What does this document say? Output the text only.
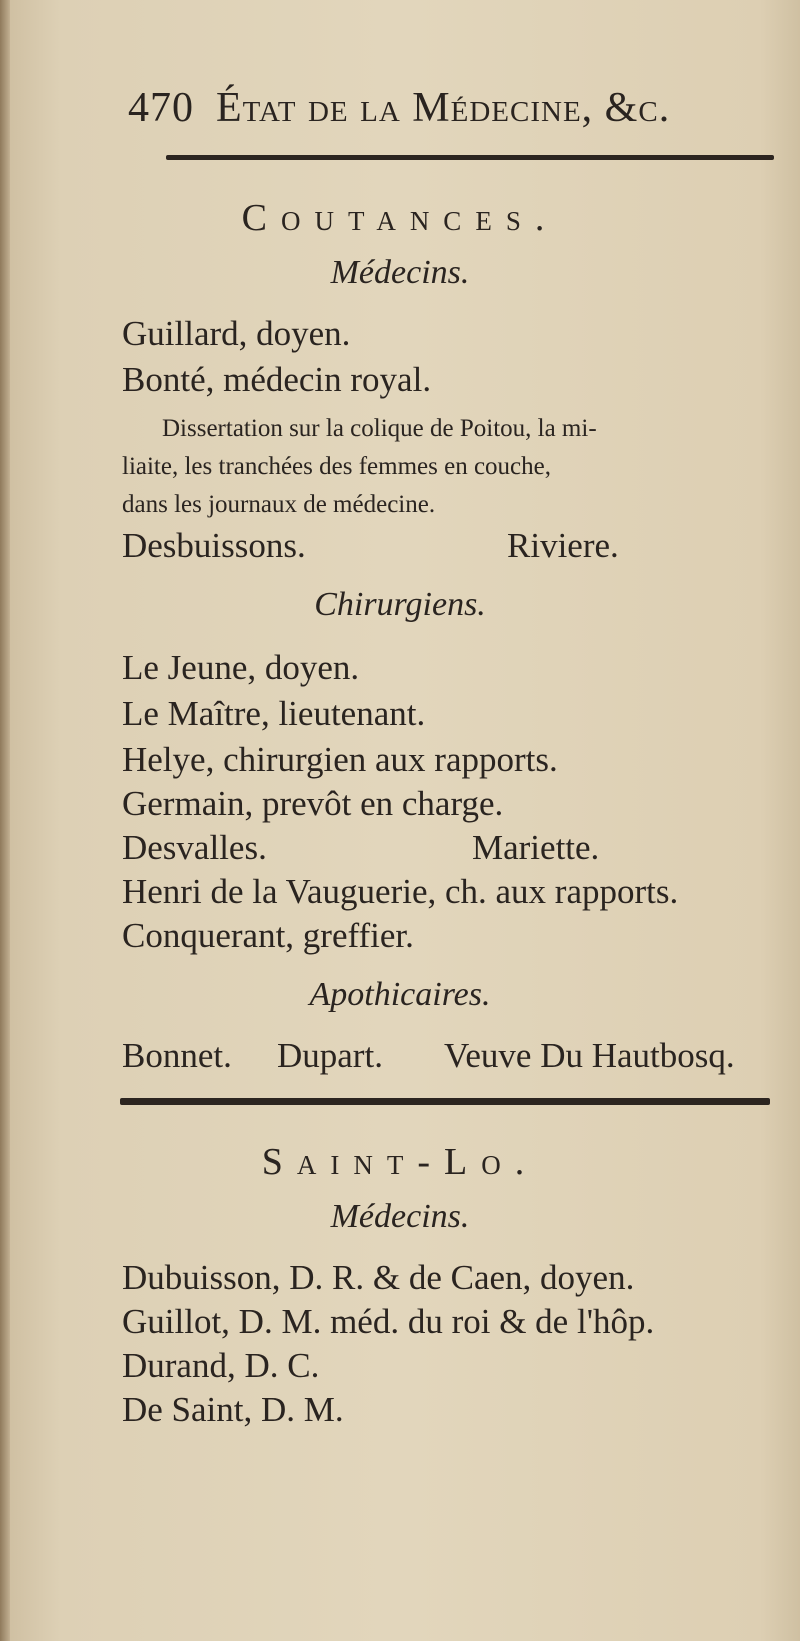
470 État de la Médecine, &c.
Coutances.
Médecins.
Guillard, doyen.
Bonté, médecin royal.
Dissertation sur la colique de Poitou, la mi-
liaite, les tranchées des femmes en couche,
dans les journaux de médecine.
Desbuissons.	Riviere.
Chirurgiens.
Le Jeune, doyen.
Le Maître, lieutenant.
Helye, chirurgien aux rapports.
Germain, prevôt en charge.
Desvalles.	Mariette.
Henri de la Vauguerie, ch. aux rapports.
Conquerant, greffier.
Apothicaires.
Bonnet. Dupart. Veuve Du Hautbosq.
Saint-Lo.
Médecins.
Dubuisson, D. R. & de Caen, doyen.
Guillot, D. M. méd. du roi & de l'hôp.
Durand, D. C.
De Saint, D. M.
